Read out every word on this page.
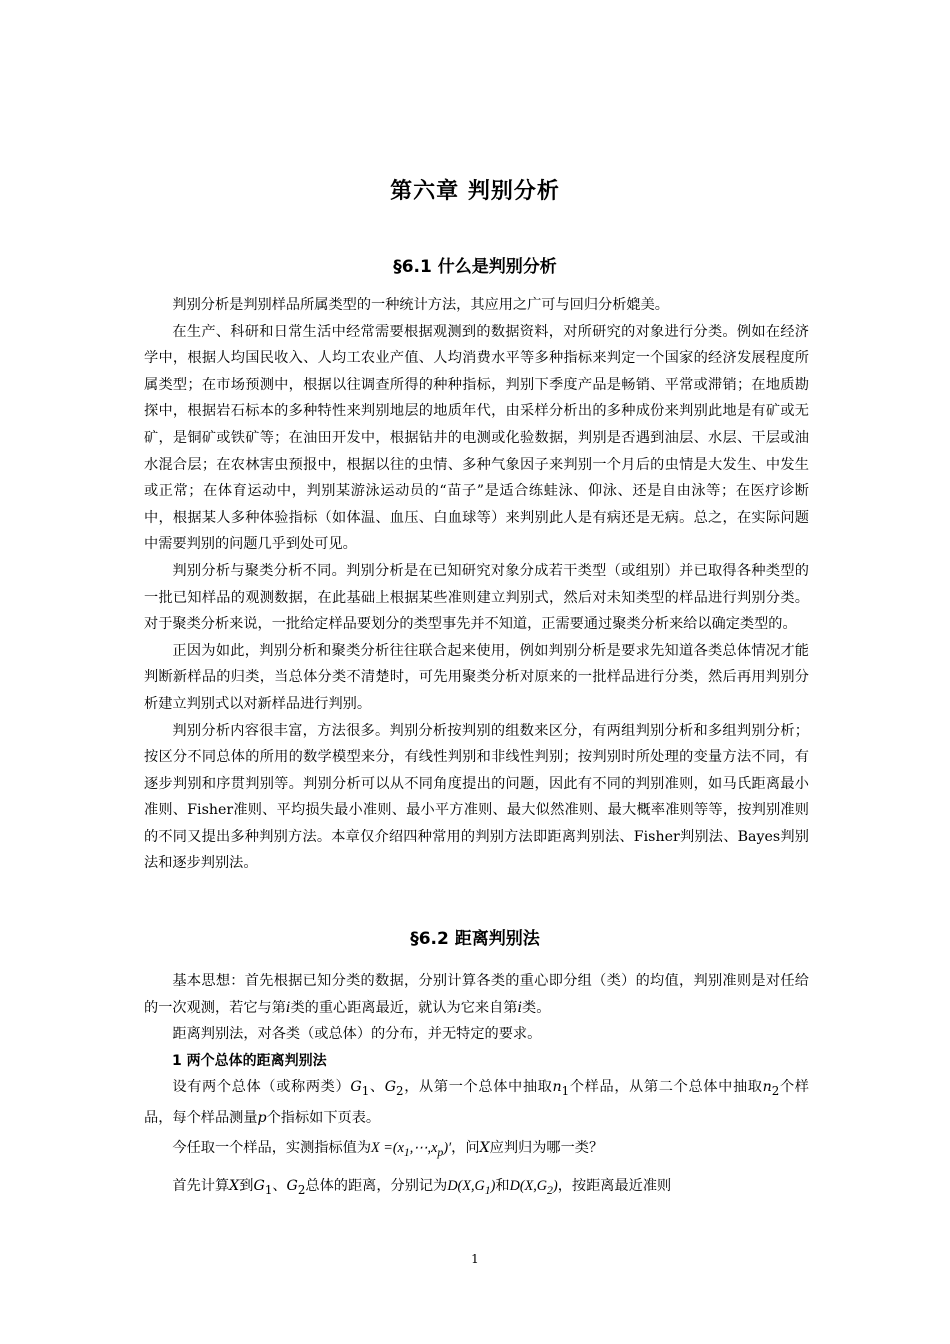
第六章 判别分析
§6.1 什么是判别分析

判别分析是判别样品所属类型的一种统计方法，其应用之广可与回归分析媲美。

在生产、科研和日常生活中经常需要根据观测到的数据资料，对所研究的对象进行分类。例如在经济学中，根据人均国民收入、人均工农业产值、人均消费水平等多种指标来判定一个国家的经济发展程度所属类型；在市场预测中，根据以往调查所得的种种指标，判别下季度产品是畅销、平常或滞销；在地质勘探中，根据岩石标本的多种特性来判别地层的地质年代，由采样分析出的多种成份来判别此地是有矿或无矿，是铜矿或铁矿等；在油田开发中，根据钻井的电测或化验数据，判别是否遇到油层、水层、干层或油水混合层；在农林害虫预报中，根据以往的虫情、多种气象因子来判别一个月后的虫情是大发生、中发生或正常；在体育运动中，判别某游泳运动员的“苗子”是适合练蛙泳、仰泳、还是自由泳等；在医疗诊断中，根据某人多种体验指标（如体温、血压、白血球等）来判别此人是有病还是无病。总之，在实际问题中需要判别的问题几乎到处可见。

判别分析与聚类分析不同。判别分析是在已知研究对象分成若干类型（或组别）并已取得各种类型的一批已知样品的观测数据，在此基础上根据某些准则建立判别式，然后对未知类型的样品进行判别分类。对于聚类分析来说，一批给定样品要划分的类型事先并不知道，正需要通过聚类分析来给以确定类型的。

正因为如此，判别分析和聚类分析往往联合起来使用，例如判别分析是要求先知道各类总体情况才能判断新样品的归类，当总体分类不清楚时，可先用聚类分析对原来的一批样品进行分类，然后再用判别分析建立判别式以对新样品进行判别。

判别分析内容很丰富，方法很多。判别分析按判别的组数来区分，有两组判别分析和多组判别分析；按区分不同总体的所用的数学模型来分，有线性判别和非线性判别；按判别时所处理的变量方法不同，有逐步判别和序贯判别等。判别分析可以从不同角度提出的问题，因此有不同的判别准则，如马氏距离最小准则、Fisher准则、平均损失最小准则、最小平方准则、最大似然准则、最大概率准则等等，按判别准则的不同又提出多种判别方法。本章仅介绍四种常用的判别方法即距离判别法、Fisher判别法、Bayes判别法和逐步判别法。

§6.2 距离判别法

基本思想：首先根据已知分类的数据，分别计算各类的重心即分组（类）的均值，判别准则是对任给的一次观测，若它与第i类的重心距离最近，就认为它来自第i类。

距离判别法，对各类（或总体）的分布，并无特定的要求。

1 两个总体的距离判别法

设有两个总体（或称两类）$G_1$、$G_2$，从第一个总体中抽取$n_1$个样品，从第二个总体中抽取$n_2$个样品，每个样品测量p个指标如下页表。

今任取一个样品，实测指标值为$X =(x_1,\cdots,x_p)'$，问X应判归为哪一类？

首先计算X到$G_1$、$G_2$总体的距离，分别记为$D(X,G_1)$和$D(X,G_2)$，按距离最近准则

1
